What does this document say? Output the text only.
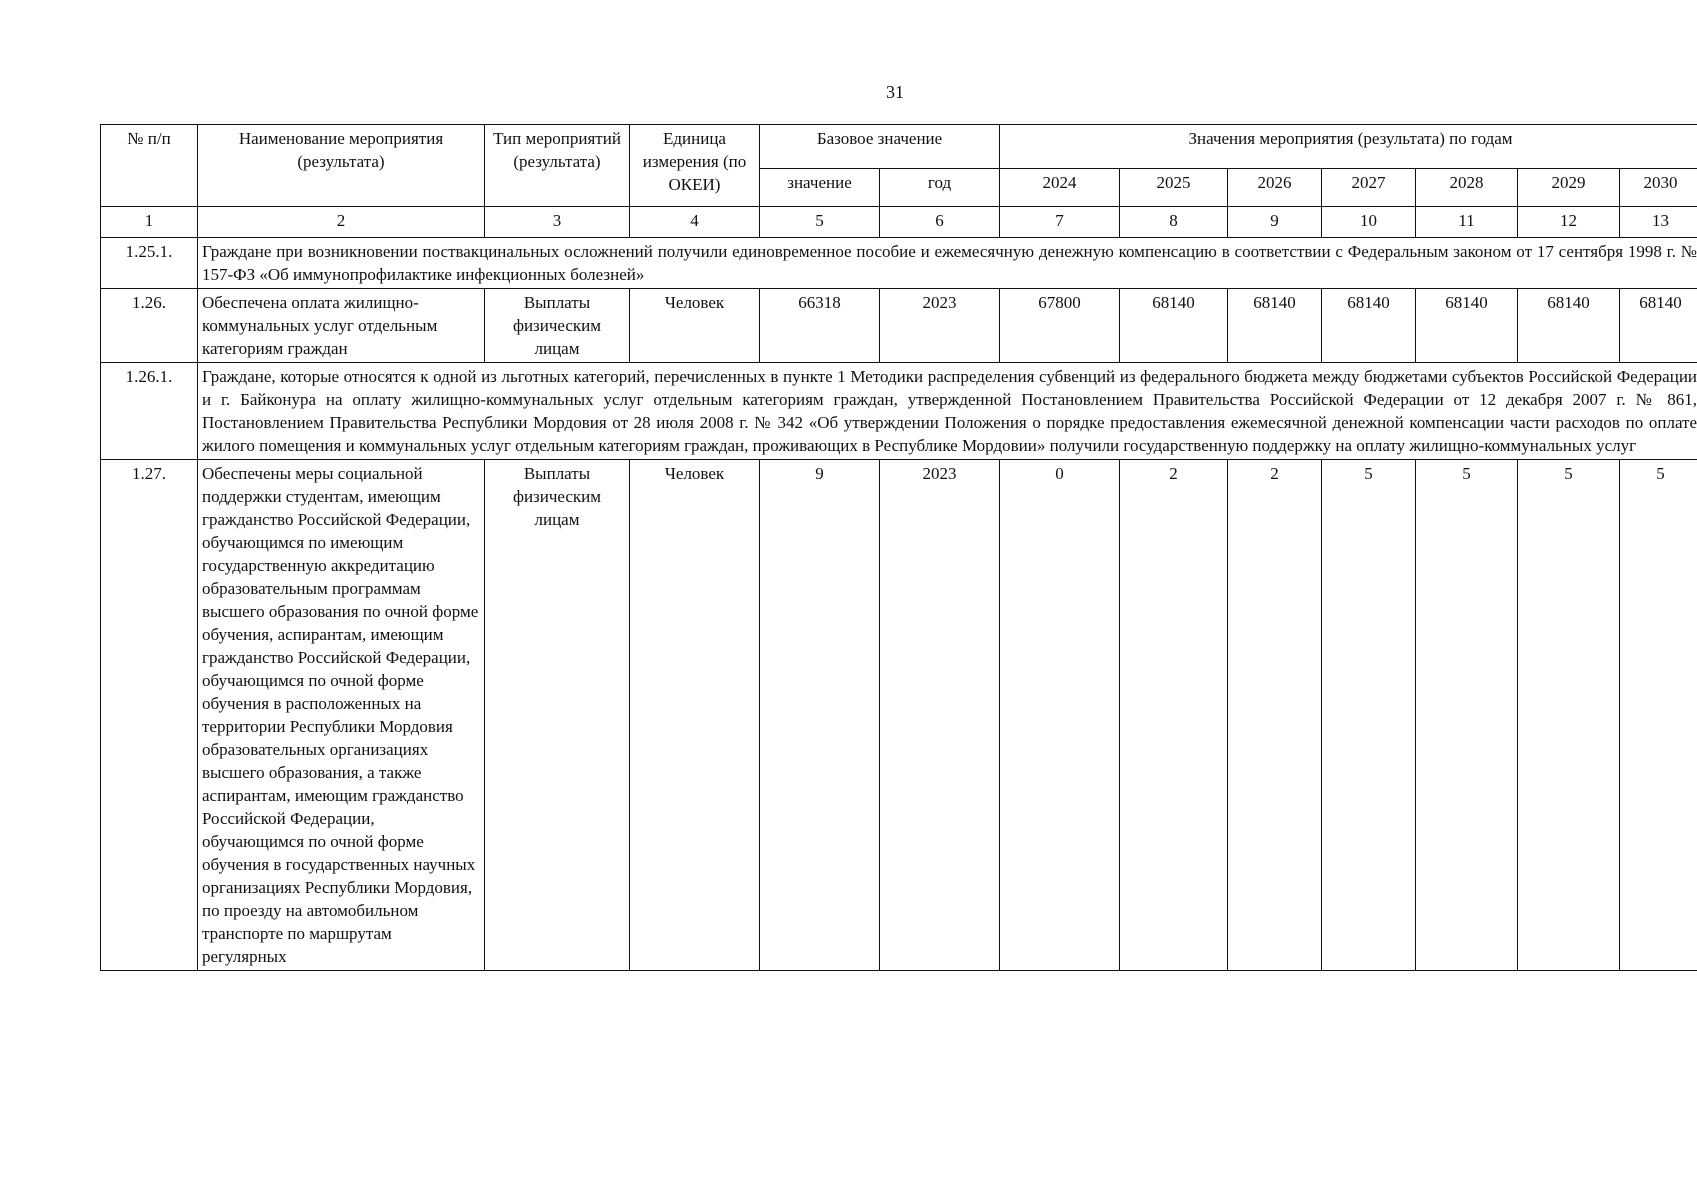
31
№ п/п	Наименование мероприятия (результата)	Тип мероприятий (результата)	Единица измерения (по ОКЕИ)	Базовое значение		Значения мероприятия (результата) по годам						
				значение	год	2024	2025	2026	2027	2028	2029	2030
1	2	3	4	5	6	7	8	9	10	11	12	13
1.25.1.	Граждане при возникновении поствакцинальных осложнений получили единовременное пособие и ежемесячную денежную компенсацию в соответствии с Федеральным законом от 17 сентября 1998 г. № 157-ФЗ «Об иммунопрофилактике инфекционных болезней»											
1.26.	Обеспечена оплата жилищно-коммунальных услуг отдельным категориям граждан	Выплаты физическим лицам	Человек	66318	2023	67800	68140	68140	68140	68140	68140	68140
1.26.1.	Граждане, которые относятся к одной из льготных категорий, перечисленных в пункте 1 Методики распределения субвенций из федерального бюджета между бюджетами субъектов Российской Федерации и г. Байконура на оплату жилищно-коммунальных услуг отдельным категориям граждан, утвержденной Постановлением Правительства Российской Федерации от 12 декабря 2007 г. № 861, Постановлением Правительства Республики Мордовия от 28 июля 2008 г. № 342 «Об утверждении Положения о порядке предоставления ежемесячной денежной компенсации части расходов по оплате жилого помещения и коммунальных услуг отдельным категориям граждан, проживающих в Республике Мордовии» получили государственную поддержку на оплату жилищно-коммунальных услуг											
1.27.	Обеспечены меры социальной поддержки студентам, имеющим гражданство Российской Федерации, обучающимся по имеющим государственную аккредитацию образовательным программам высшего образования по очной форме обучения, аспирантам, имеющим гражданство Российской Федерации, обучающимся по очной форме обучения в расположенных на территории Республики Мордовия образовательных организациях высшего образования, а также аспирантам, имеющим гражданство Российской Федерации, обучающимся по очной форме обучения в государственных научных организациях Республики Мордовия, по проезду на автомобильном транспорте по маршрутам регулярных	Выплаты физическим лицам	Человек	9	2023	0	2	2	5	5	5	5
